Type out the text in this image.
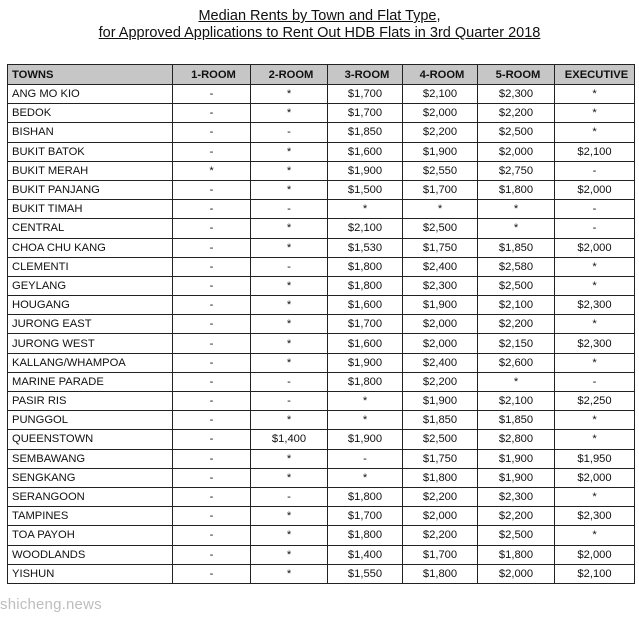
Median Rents by Town and Flat Type,
for Approved Applications to Rent Out HDB Flats in 3rd Quarter 2018
TOWNS	1-ROOM	2-ROOM	3-ROOM	4-ROOM	5-ROOM	EXECUTIVE
ANG MO KIO	-	*	$1,700	$2,100	$2,300	*
BEDOK	-	*	$1,700	$2,000	$2,200	*
BISHAN	-	-	$1,850	$2,200	$2,500	*
BUKIT BATOK	-	*	$1,600	$1,900	$2,000	$2,100
BUKIT MERAH	*	*	$1,900	$2,550	$2,750	-
BUKIT PANJANG	-	*	$1,500	$1,700	$1,800	$2,000
BUKIT TIMAH	-	-	*	*	*	-
CENTRAL	-	*	$2,100	$2,500	*	-
CHOA CHU KANG	-	*	$1,530	$1,750	$1,850	$2,000
CLEMENTI	-	-	$1,800	$2,400	$2,580	*
GEYLANG	-	*	$1,800	$2,300	$2,500	*
HOUGANG	-	*	$1,600	$1,900	$2,100	$2,300
JURONG EAST	-	*	$1,700	$2,000	$2,200	*
JURONG WEST	-	*	$1,600	$2,000	$2,150	$2,300
KALLANG/WHAMPOA	-	*	$1,900	$2,400	$2,600	*
MARINE PARADE	-	-	$1,800	$2,200	*	-
PASIR RIS	-	-	*	$1,900	$2,100	$2,250
PUNGGOL	-	*	*	$1,850	$1,850	*
QUEENSTOWN	-	$1,400	$1,900	$2,500	$2,800	*
SEMBAWANG	-	*	-	$1,750	$1,900	$1,950
SENGKANG	-	*	*	$1,800	$1,900	$2,000
SERANGOON	-	-	$1,800	$2,200	$2,300	*
TAMPINES	-	*	$1,700	$2,000	$2,200	$2,300
TOA PAYOH	-	*	$1,800	$2,200	$2,500	*
WOODLANDS	-	*	$1,400	$1,700	$1,800	$2,000
YISHUN	-	*	$1,550	$1,800	$2,000	$2,100
shicheng.news
